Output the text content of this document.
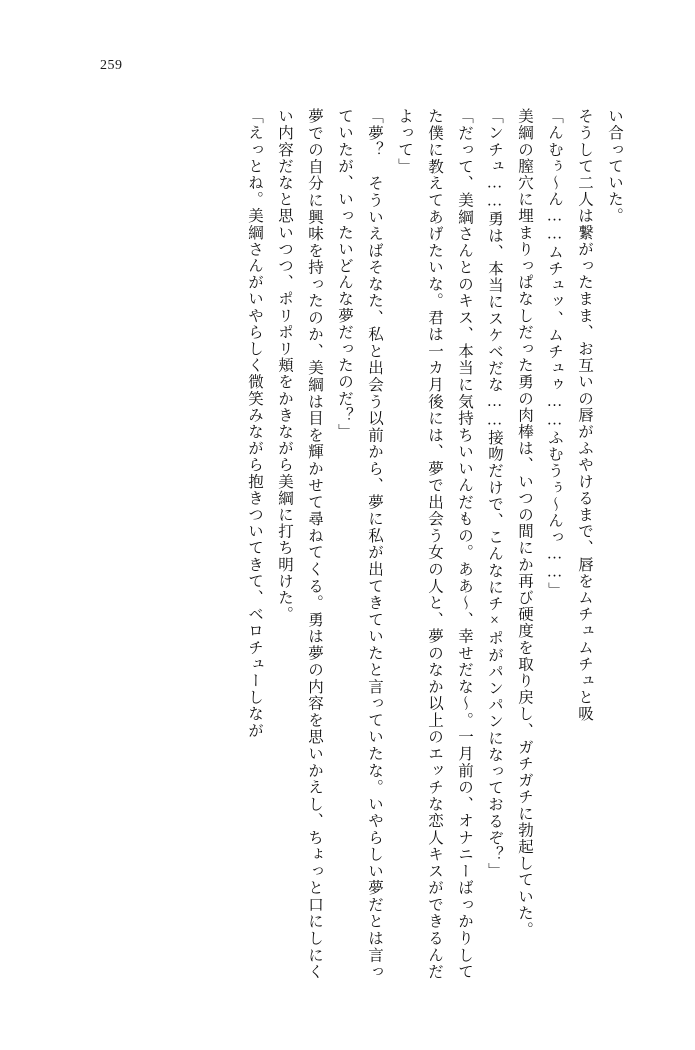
259

い合っていた。

そうして二人は繋がったまま、お互いの唇がふやけるまで、唇をムチュムチュと吸

「んむぅ～ん……ムチュッ、ムチュゥ……ふむうぅ～んっ……」

美綱の膣穴に埋まりっぱなしだった勇の肉棒は、いつの間にか再び硬度を取り戻し、ガチガチに勃起していた。

「ンチュ……勇は、本当にスケベだな……接吻だけで、こんなにチ×ポがパンパンになっておるぞ？」

「だって、美綱さんとのキス、本当に気持ちいいんだもの。ああ～、幸せだな～。一月前の、オナニーばっかりしてた僕に教えてあげたいな。君は一カ月後には、夢で出会う女の人と、夢のなか以上のエッチな恋人キスができるんだよって」

「夢？　そういえばそなた、私と出会う以前から、夢に私が出てきていたと言っていたな。いやらしい夢だとは言っていたが、いったいどんな夢だったのだ？」

夢での自分に興味を持ったのか、美綱は目を輝かせて尋ねてくる。勇は夢の内容を思いかえし、ちょっと口にしにくい内容だなと思いつつ、ポリポリ頬をかきながら美綱に打ち明けた。

「えっとね。美綱さんがいやらしく微笑みながら抱きついてきて、ベロチューしなが
